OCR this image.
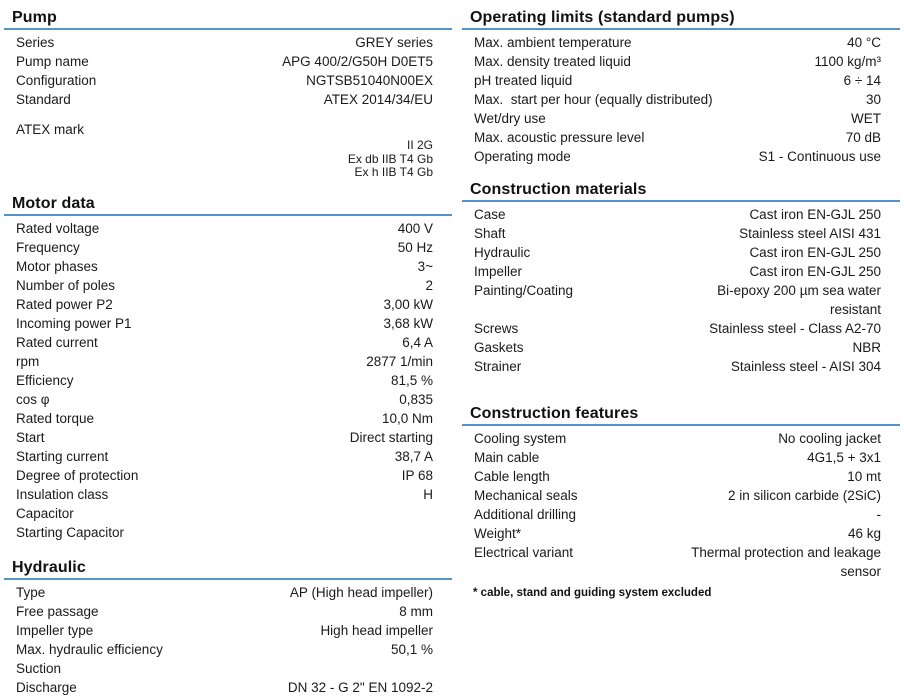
Pump
Series	GREY series
Pump name	APG 400/2/G50H D0ET5
Configuration	NGTSB51040N00EX
Standard	ATEX 2014/34/EU
ATEX mark
II 2G
Ex db IIB T4 Gb
Ex h IIB T4 Gb
Motor data
Rated voltage	400 V
Frequency	50 Hz
Motor phases	3~
Number of poles	2
Rated power P2	3,00 kW
Incoming power P1	3,68 kW
Rated current	6,4 A
rpm	2877 1/min
Efficiency	81,5 %
cos φ	0,835
Rated torque	10,0 Nm
Start	Direct starting
Starting current	38,7 A
Degree of protection	IP 68
Insulation class	H
Capacitor
Starting Capacitor
Hydraulic
Type	AP (High head impeller)
Free passage	8 mm
Impeller type	High head impeller
Max. hydraulic efficiency	50,1 %
Suction
Discharge	DN 32 - G 2" EN 1092-2
Operating limits (standard pumps)
Max. ambient temperature	40 °C
Max. density treated liquid	1100 kg/m³
pH treated liquid	6 ÷ 14
Max.  start per hour (equally distributed)	30
Wet/dry use	WET
Max. acoustic pressure level	70 dB
Operating mode	S1 - Continuous use
Construction materials
Case	Cast iron EN-GJL 250
Shaft	Stainless steel AISI 431
Hydraulic	Cast iron EN-GJL 250
Impeller	Cast iron EN-GJL 250
Painting/Coating	Bi-epoxy 200 µm sea water
resistant
Screws	Stainless steel - Class A2-70
Gaskets	NBR
Strainer	Stainless steel - AISI 304
Construction features
Cooling system	No cooling jacket
Main cable	4G1,5 + 3x1
Cable length	10 mt
Mechanical seals	2 in silicon carbide (2SiC)
Additional drilling	-
Weight*	46 kg
Electrical variant	Thermal protection and leakage
sensor
* cable, stand and guiding system excluded
